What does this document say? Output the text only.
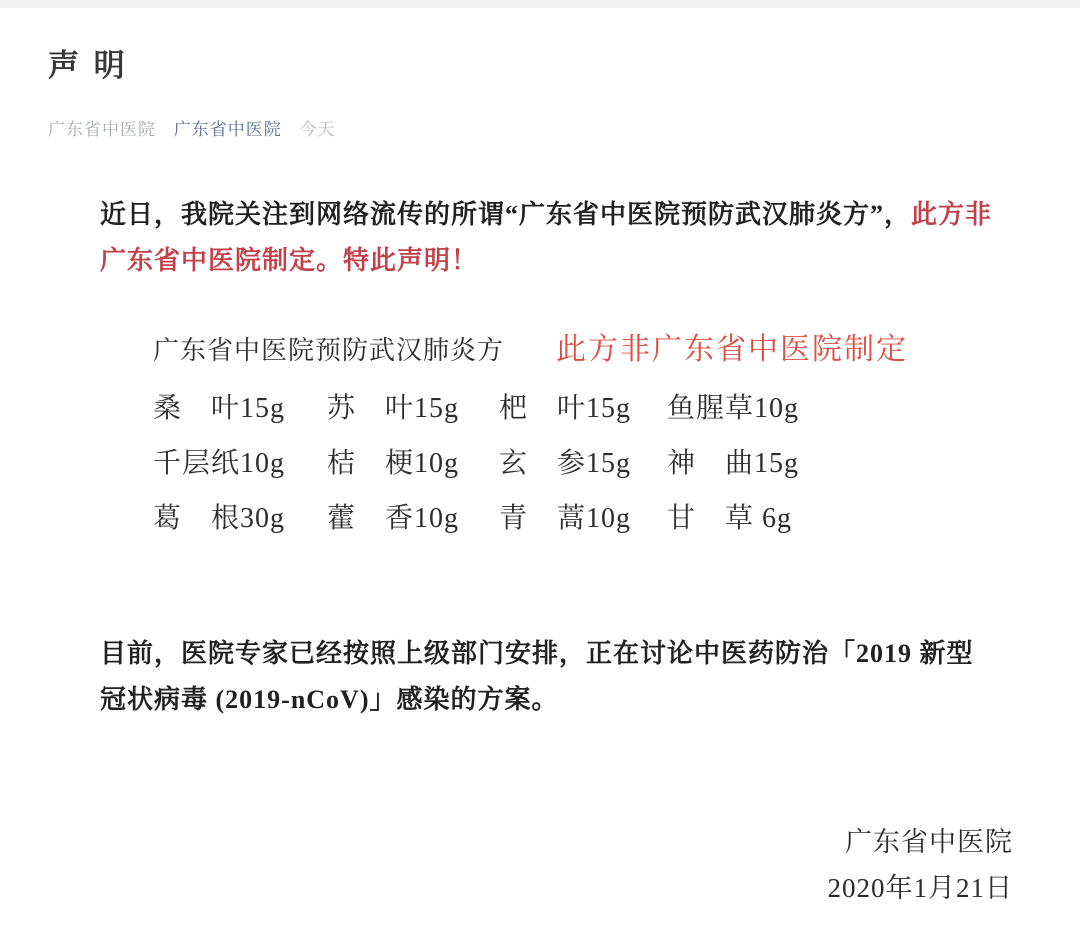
声 明
广东省中医院 广东省中医院 今天

近日，我院关注到网络流传的所谓“广东省中医院预防武汉肺炎方”，此方非
广东省中医院制定。特此声明！

广东省中医院预防武汉肺炎方 此方非广东省中医院制定
桑　叶15g	苏　叶15g	杷　叶15g	鱼腥草10g
千层纸10g	桔　梗10g	玄　参15g	神　曲15g
葛　根30g	藿　香10g	青　蒿10g	甘　草 6g

目前，医院专家已经按照上级部门安排，正在讨论中医药防治「2019 新型
冠状病毒 (2019-nCoV)」感染的方案。

广东省中医院
2020年1月21日
